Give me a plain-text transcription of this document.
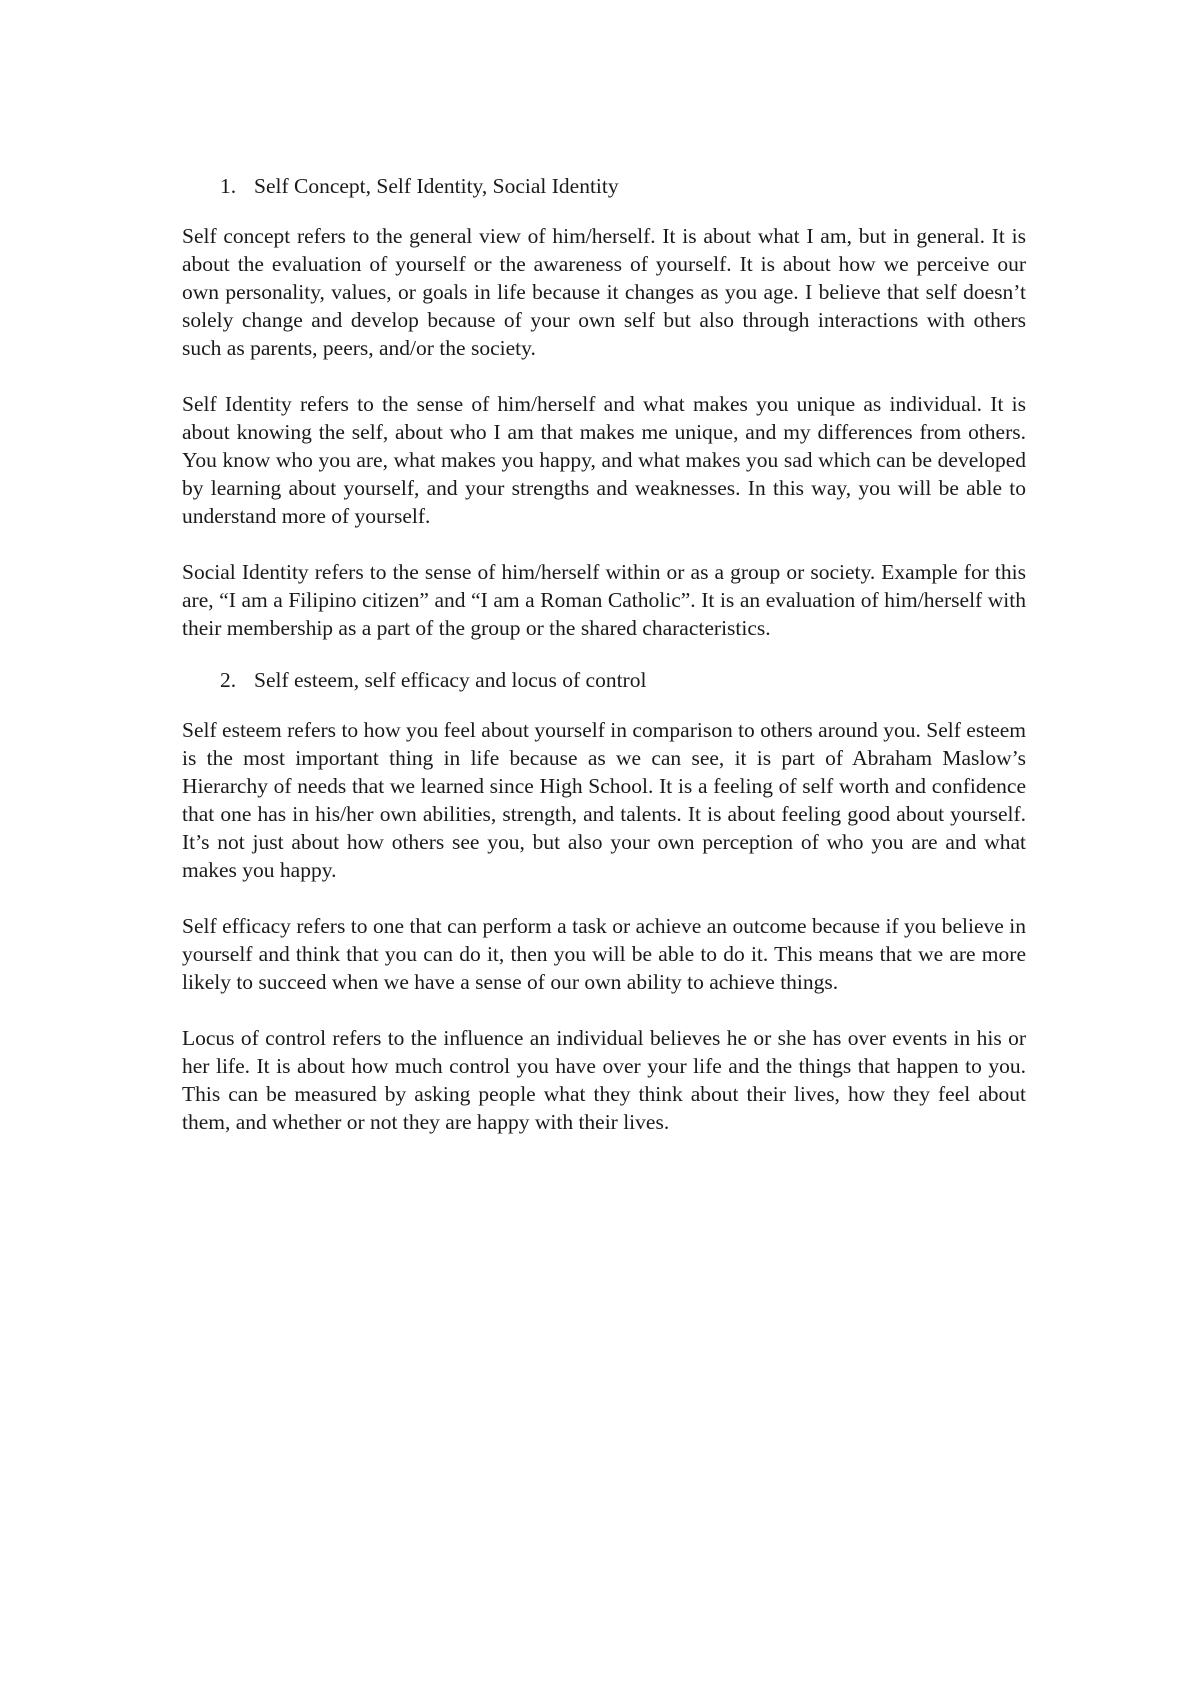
1. Self Concept, Self Identity, Social Identity

Self concept refers to the general view of him/herself. It is about what I am, but in general. It is about the evaluation of yourself or the awareness of yourself. It is about how we perceive our own personality, values, or goals in life because it changes as you age. I believe that self doesn’t solely change and develop because of your own self but also through interactions with others such as parents, peers, and/or the society.

Self Identity refers to the sense of him/herself and what makes you unique as individual. It is about knowing the self, about who I am that makes me unique, and my differences from others. You know who you are, what makes you happy, and what makes you sad which can be developed by learning about yourself, and your strengths and weaknesses. In this way, you will be able to understand more of yourself.

Social Identity refers to the sense of him/herself within or as a group or society. Example for this are, “I am a Filipino citizen” and “I am a Roman Catholic”. It is an evaluation of him/herself with their membership as a part of the group or the shared characteristics.

2. Self esteem, self efficacy and locus of control

Self esteem refers to how you feel about yourself in comparison to others around you. Self esteem is the most important thing in life because as we can see, it is part of Abraham Maslow’s Hierarchy of needs that we learned since High School. It is a feeling of self worth and confidence that one has in his/her own abilities, strength, and talents. It is about feeling good about yourself. It’s not just about how others see you, but also your own perception of who you are and what makes you happy.

Self efficacy refers to one that can perform a task or achieve an outcome because if you believe in yourself and think that you can do it, then you will be able to do it. This means that we are more likely to succeed when we have a sense of our own ability to achieve things.

Locus of control refers to the influence an individual believes he or she has over events in his or her life. It is about how much control you have over your life and the things that happen to you. This can be measured by asking people what they think about their lives, how they feel about them, and whether or not they are happy with their lives.
